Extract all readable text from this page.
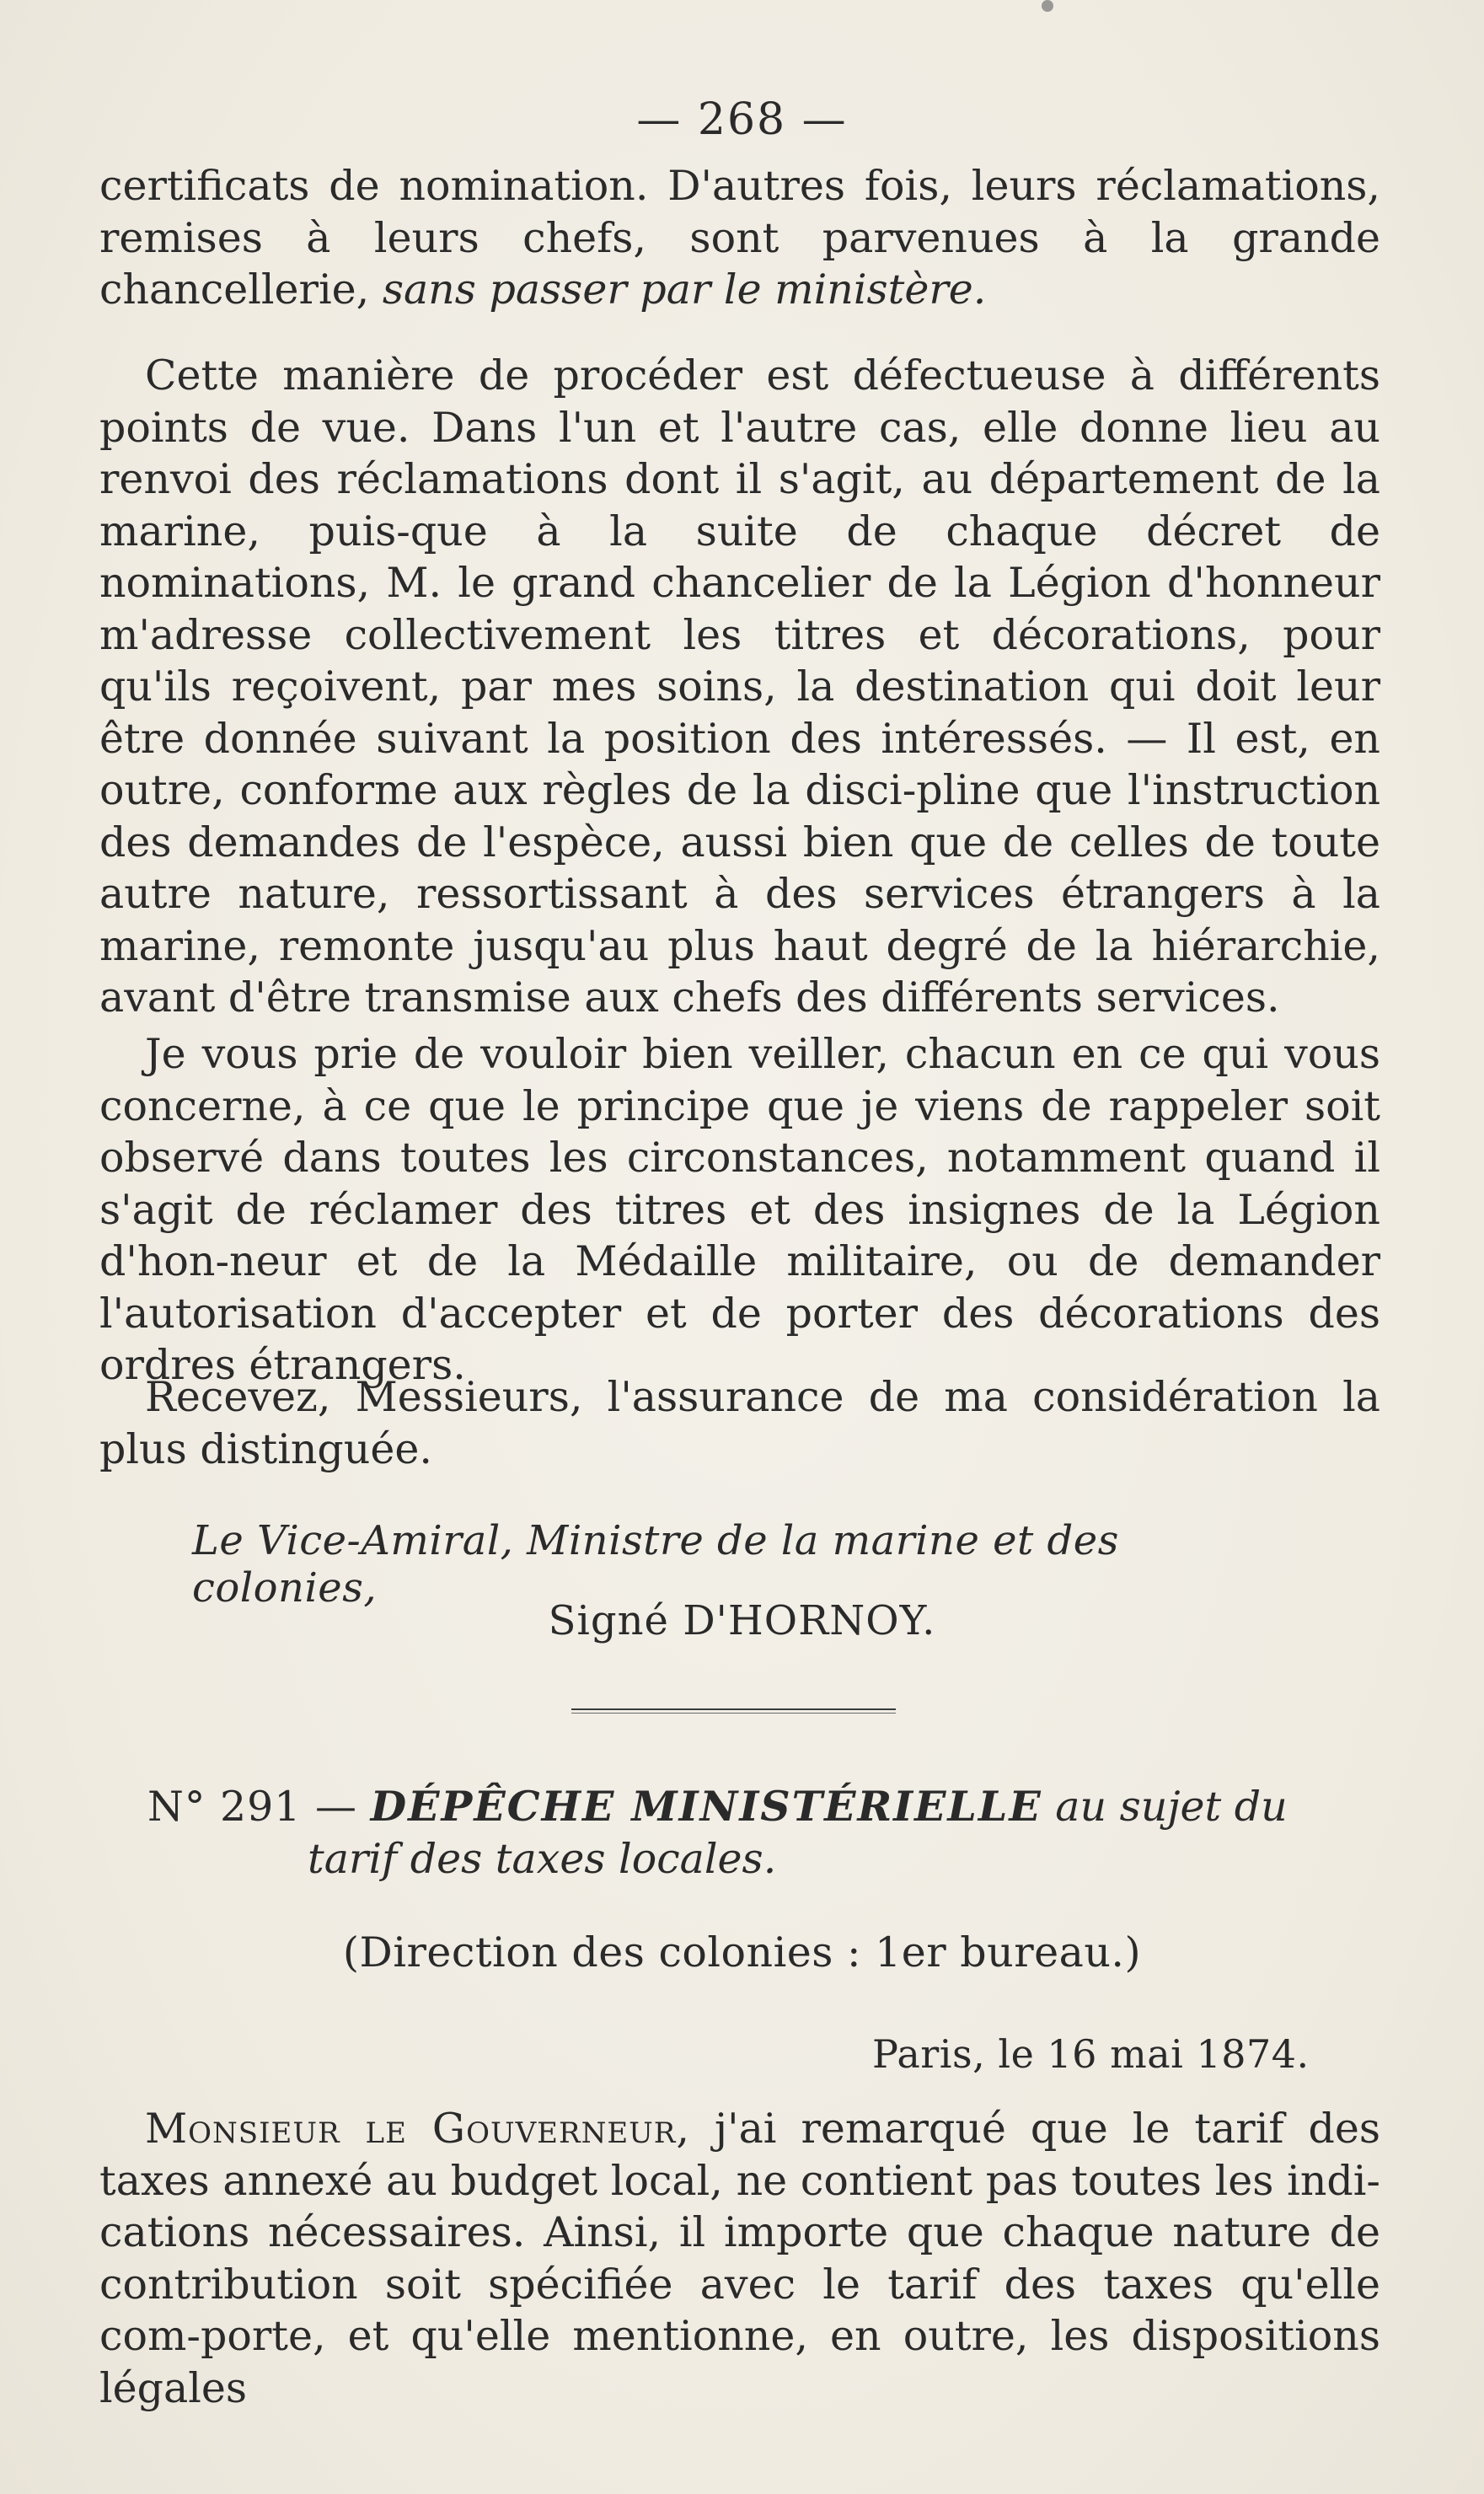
— 268 —

certificats de nomination. D'autres fois, leurs réclamations, remises à leurs chefs, sont parvenues à la grande chancellerie, sans passer par le ministère.

Cette manière de procéder est défectueuse à différents points de vue. Dans l'un et l'autre cas, elle donne lieu au renvoi des réclamations dont il s'agit, au département de la marine, puis-que à la suite de chaque décret de nominations, M. le grand chancelier de la Légion d'honneur m'adresse collectivement les titres et décorations, pour qu'ils reçoivent, par mes soins, la destination qui doit leur être donnée suivant la position des intéressés. — Il est, en outre, conforme aux règles de la disci-pline que l'instruction des demandes de l'espèce, aussi bien que de celles de toute autre nature, ressortissant à des services étrangers à la marine, remonte jusqu'au plus haut degré de la hiérarchie, avant d'être transmise aux chefs des différents services.

Je vous prie de vouloir bien veiller, chacun en ce qui vous concerne, à ce que le principe que je viens de rappeler soit observé dans toutes les circonstances, notamment quand il s'agit de réclamer des titres et des insignes de la Légion d'hon-neur et de la Médaille militaire, ou de demander l'autorisation d'accepter et de porter des décorations des ordres étrangers.

Recevez, Messieurs, l'assurance de ma considération la plus distinguée.

Le Vice-Amiral, Ministre de la marine et des colonies,
Signé D'HORNOY.
N° 291 — DÉPÊCHE MINISTÉRIELLE au sujet du
tarif des taxes locales.
(Direction des colonies : 1er bureau.)
Paris, le 16 mai 1874.

Monsieur le Gouverneur, j'ai remarqué que le tarif des taxes annexé au budget local, ne contient pas toutes les indi-cations nécessaires. Ainsi, il importe que chaque nature de contribution soit spécifiée avec le tarif des taxes qu'elle com-porte, et qu'elle mentionne, en outre, les dispositions légales
